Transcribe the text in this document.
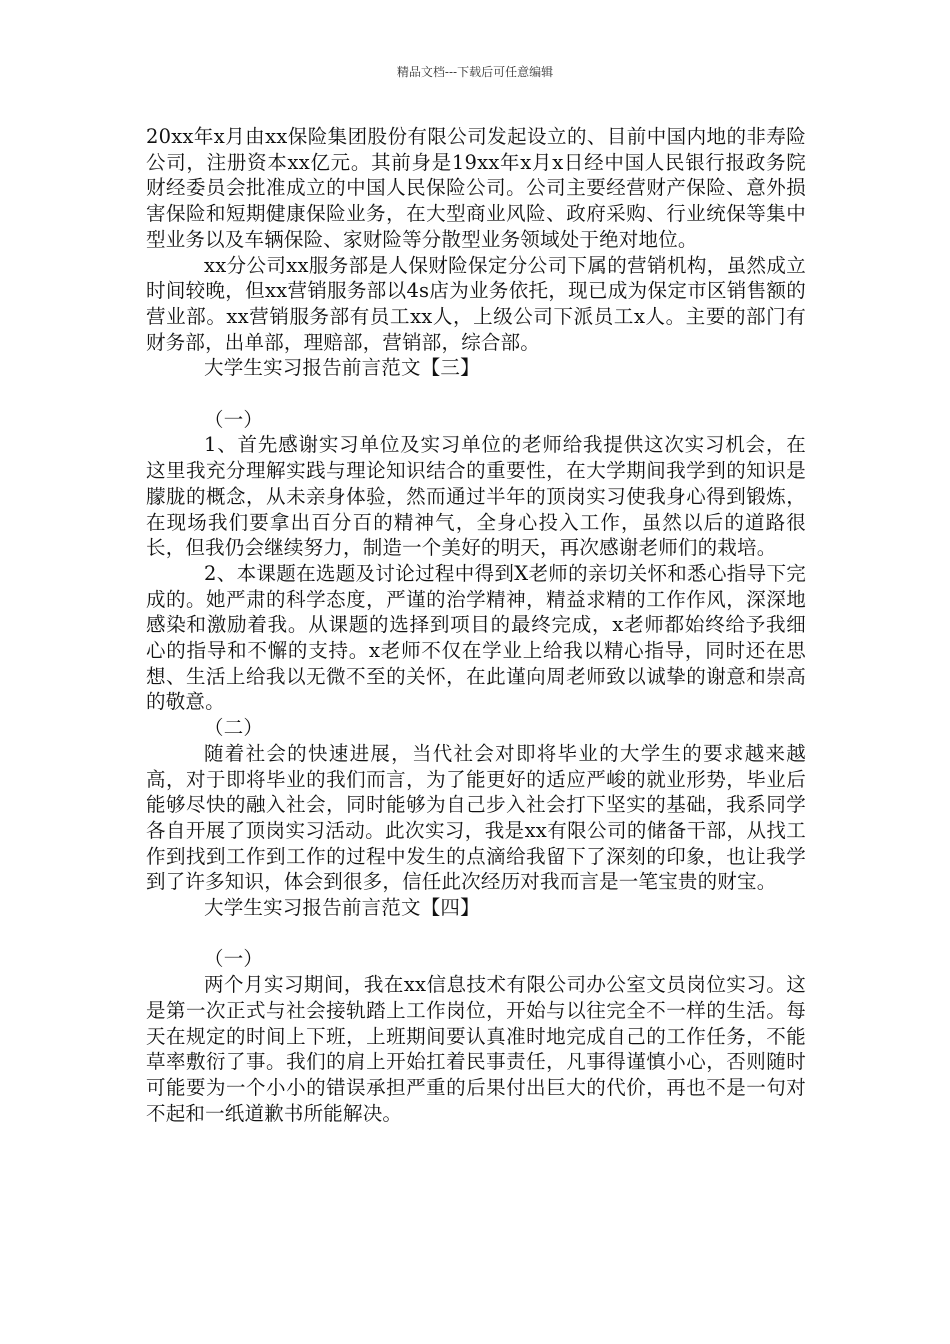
精品文档---下载后可任意编辑

20xx年x月由xx保险集团股份有限公司发起设立的、目前中国内地的非寿险公司，注册资本xx亿元。其前身是19xx年x月x日经中国人民银行报政务院财经委员会批准成立的中国人民保险公司。公司主要经营财产保险、意外损害保险和短期健康保险业务，在大型商业风险、政府采购、行业统保等集中型业务以及车辆保险、家财险等分散型业务领域处于绝对地位。

xx分公司xx服务部是人保财险保定分公司下属的营销机构，虽然成立时间较晚，但xx营销服务部以4s店为业务依托，现已成为保定市区销售额的营业部。xx营销服务部有员工xx人，上级公司下派员工x人。主要的部门有财务部，出单部，理赔部，营销部，综合部。

大学生实习报告前言范文【三】

（一）

1、首先感谢实习单位及实习单位的老师给我提供这次实习机会，在这里我充分理解实践与理论知识结合的重要性，在大学期间我学到的知识是朦胧的概念，从未亲身体验，然而通过半年的顶岗实习使我身心得到锻炼，在现场我们要拿出百分百的精神气，全身心投入工作，虽然以后的道路很长，但我仍会继续努力，制造一个美好的明天，再次感谢老师们的栽培。

2、本课题在选题及讨论过程中得到X老师的亲切关怀和悉心指导下完成的。她严肃的科学态度，严谨的治学精神，精益求精的工作作风，深深地感染和激励着我。从课题的选择到项目的最终完成，x老师都始终给予我细心的指导和不懈的支持。x老师不仅在学业上给我以精心指导，同时还在思想、生活上给我以无微不至的关怀，在此谨向周老师致以诚挚的谢意和崇高的敬意。

（二）

随着社会的快速进展，当代社会对即将毕业的大学生的要求越来越高，对于即将毕业的我们而言，为了能更好的适应严峻的就业形势，毕业后能够尽快的融入社会，同时能够为自己步入社会打下坚实的基础，我系同学各自开展了顶岗实习活动。此次实习，我是xx有限公司的储备干部，从找工作到找到工作到工作的过程中发生的点滴给我留下了深刻的印象，也让我学到了许多知识，体会到很多，信任此次经历对我而言是一笔宝贵的财宝。

大学生实习报告前言范文【四】

（一）

两个月实习期间，我在xx信息技术有限公司办公室文员岗位实习。这是第一次正式与社会接轨踏上工作岗位，开始与以往完全不一样的生活。每天在规定的时间上下班，上班期间要认真准时地完成自己的工作任务，不能草率敷衍了事。我们的肩上开始扛着民事责任，凡事得谨慎小心，否则随时可能要为一个小小的错误承担严重的后果付出巨大的代价，再也不是一句对不起和一纸道歉书所能解决。
